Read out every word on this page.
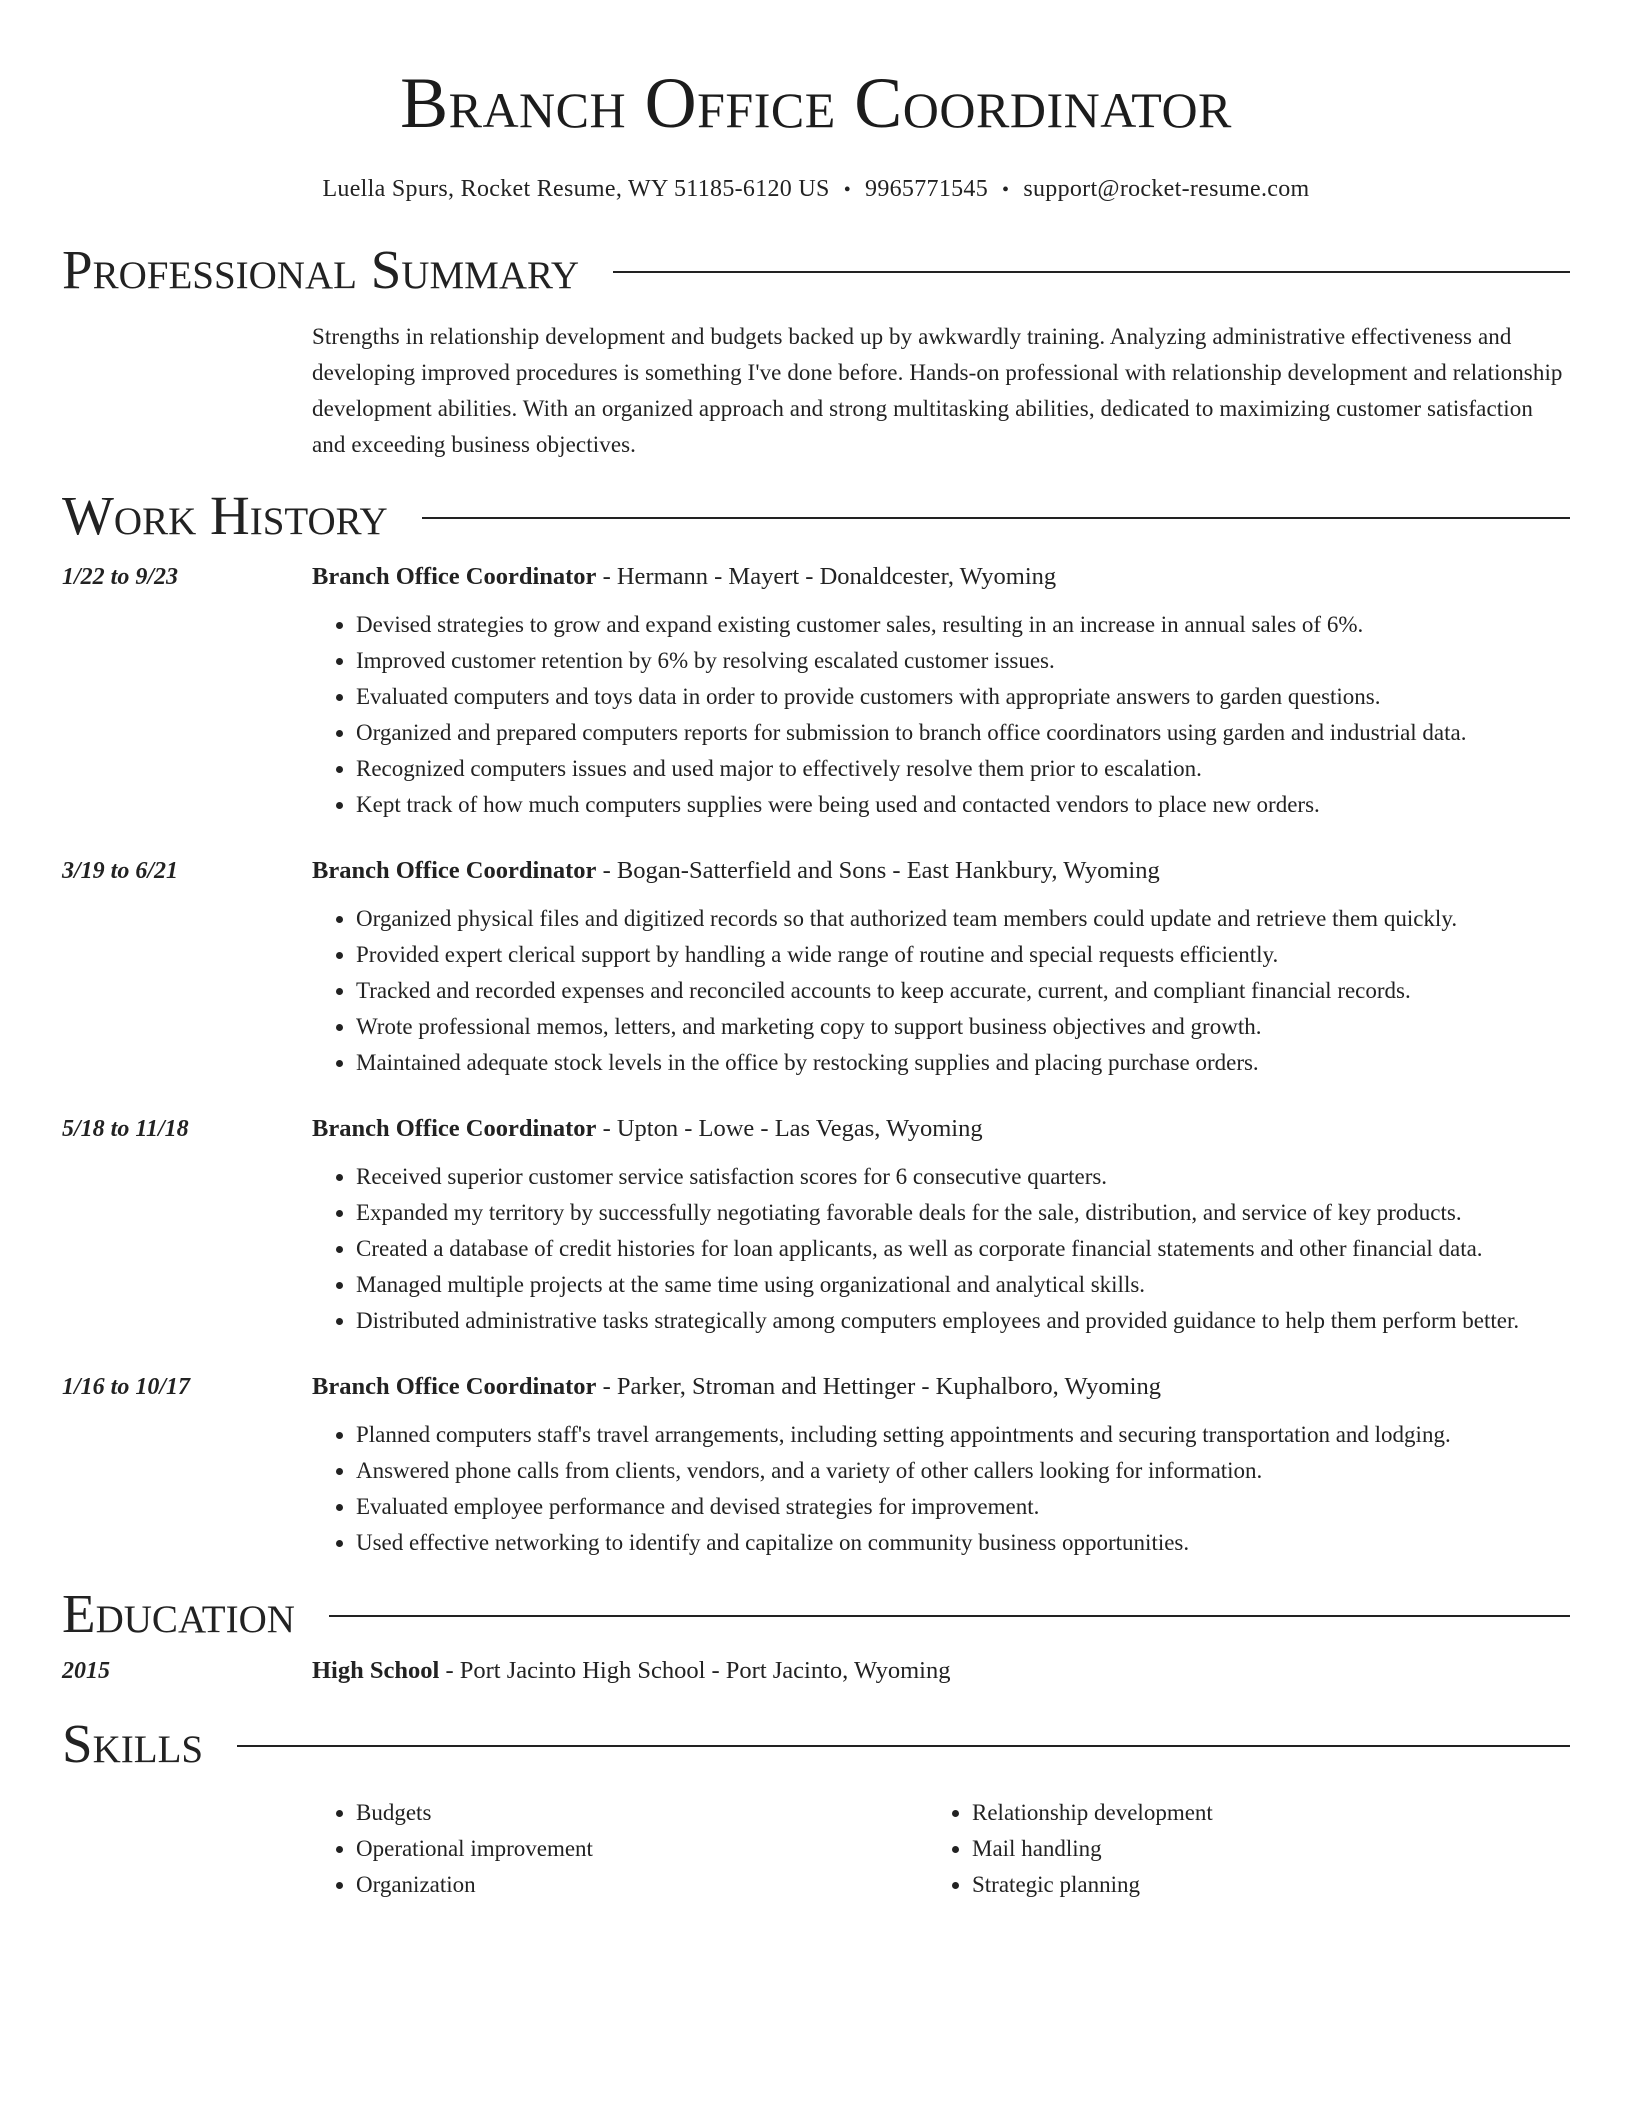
Branch Office Coordinator
Luella Spurs, Rocket Resume, WY 51185-6120 US • 9965771545 • support@rocket-resume.com
Professional Summary

Strengths in relationship development and budgets backed up by awkwardly training. Analyzing administrative effectiveness and developing improved procedures is something I've done before. Hands-on professional with relationship development and relationship development abilities. With an organized approach and strong multitasking abilities, dedicated to maximizing customer satisfaction and exceeding business objectives.

Work History
1/22 to 9/23	Branch Office Coordinator - Hermann - Mayert - Donaldcester, Wyoming
• Devised strategies to grow and expand existing customer sales, resulting in an increase in annual sales of 6%.
• Improved customer retention by 6% by resolving escalated customer issues.
• Evaluated computers and toys data in order to provide customers with appropriate answers to garden questions.
• Organized and prepared computers reports for submission to branch office coordinators using garden and industrial data.
• Recognized computers issues and used major to effectively resolve them prior to escalation.
• Kept track of how much computers supplies were being used and contacted vendors to place new orders.
3/19 to 6/21	Branch Office Coordinator - Bogan-Satterfield and Sons - East Hankbury, Wyoming
• Organized physical files and digitized records so that authorized team members could update and retrieve them quickly.
• Provided expert clerical support by handling a wide range of routine and special requests efficiently.
• Tracked and recorded expenses and reconciled accounts to keep accurate, current, and compliant financial records.
• Wrote professional memos, letters, and marketing copy to support business objectives and growth.
• Maintained adequate stock levels in the office by restocking supplies and placing purchase orders.
5/18 to 11/18	Branch Office Coordinator - Upton - Lowe - Las Vegas, Wyoming
• Received superior customer service satisfaction scores for 6 consecutive quarters.
• Expanded my territory by successfully negotiating favorable deals for the sale, distribution, and service of key products.
• Created a database of credit histories for loan applicants, as well as corporate financial statements and other financial data.
• Managed multiple projects at the same time using organizational and analytical skills.
• Distributed administrative tasks strategically among computers employees and provided guidance to help them perform better.
1/16 to 10/17	Branch Office Coordinator - Parker, Stroman and Hettinger - Kuphalboro, Wyoming
• Planned computers staff's travel arrangements, including setting appointments and securing transportation and lodging.
• Answered phone calls from clients, vendors, and a variety of other callers looking for information.
• Evaluated employee performance and devised strategies for improvement.
• Used effective networking to identify and capitalize on community business opportunities.
Education
2015	High School - Port Jacinto High School - Port Jacinto, Wyoming
Skills
• Budgets
• Operational improvement
• Organization
• Relationship development
• Mail handling
• Strategic planning
